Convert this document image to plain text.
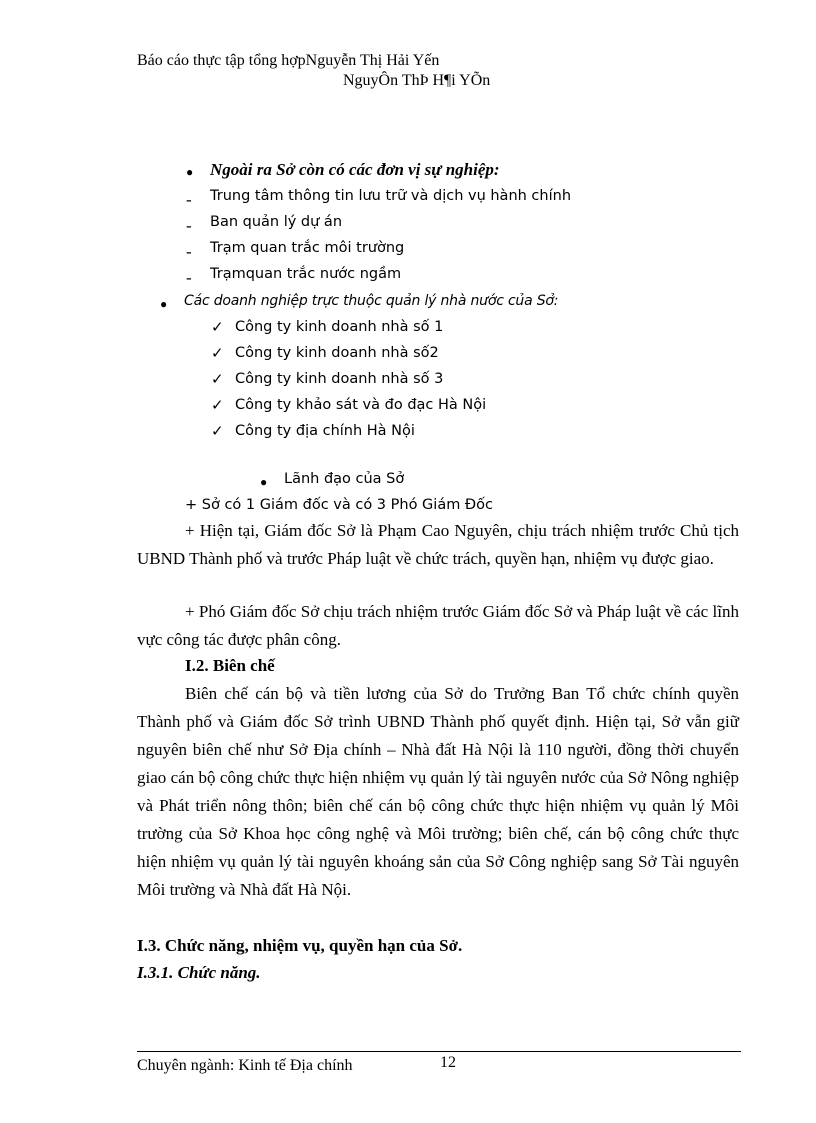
Báo cáo thực tập tổng hợpNguyễn Thị Hải Yến
NguyÔn ThÞ H¶i YÕn
● Ngoài ra Sở còn có các đơn vị sự nghiệp:
- Trung tâm thông tin lưu trữ và dịch vụ hành chính
- Ban quản lý dự án
- Trạm quan trắc môi trường
- Trạmquan trắc nước ngầm
● Các doanh nghiệp trực thuộc quản lý nhà nước của Sở:
✓ Công ty kinh doanh nhà số 1
✓ Công ty kinh doanh nhà số2
✓ Công ty kinh doanh nhà số 3
✓ Công ty khảo sát và đo đạc Hà Nội
✓ Công ty địa chính Hà Nội
● Lãnh đạo của Sở
+ Sở có 1 Giám đốc và có 3 Phó Giám Đốc
+ Hiện tại, Giám đốc Sở là Phạm Cao Nguyên, chịu trách nhiệm trước Chủ tịch UBND Thành phố và trước Pháp luật về chức trách, quyền hạn, nhiệm vụ được giao.
+ Phó Giám đốc Sở chịu trách nhiệm trước Giám đốc Sở và Pháp luật về các lĩnh vực công tác được phân công.
I.2. Biên chế
Biên chế cán bộ và tiền lương của Sở do Trưởng Ban Tổ chức chính quyền Thành phố và Giám đốc Sở trình UBND Thành phố quyết định. Hiện tại, Sở vẫn giữ nguyên biên chế như Sở Địa chính – Nhà đất Hà Nội là 110 người, đồng thời chuyển giao cán bộ công chức thực hiện nhiệm vụ quản lý tài nguyên nước của Sở Nông nghiệp và Phát triển nông thôn; biên chế cán bộ công chức thực hiện nhiệm vụ quản lý Môi trường của Sở Khoa học công nghệ và Môi trường; biên chế, cán bộ công chức thực hiện nhiệm vụ quản lý tài nguyên khoáng sản của Sở Công nghiệp sang Sở Tài nguyên Môi trường và Nhà đất Hà Nội.
I.3. Chức năng, nhiệm vụ, quyền hạn của Sở.
I.3.1. Chức năng.
Chuyên ngành: Kinh tế Địa chính	12
